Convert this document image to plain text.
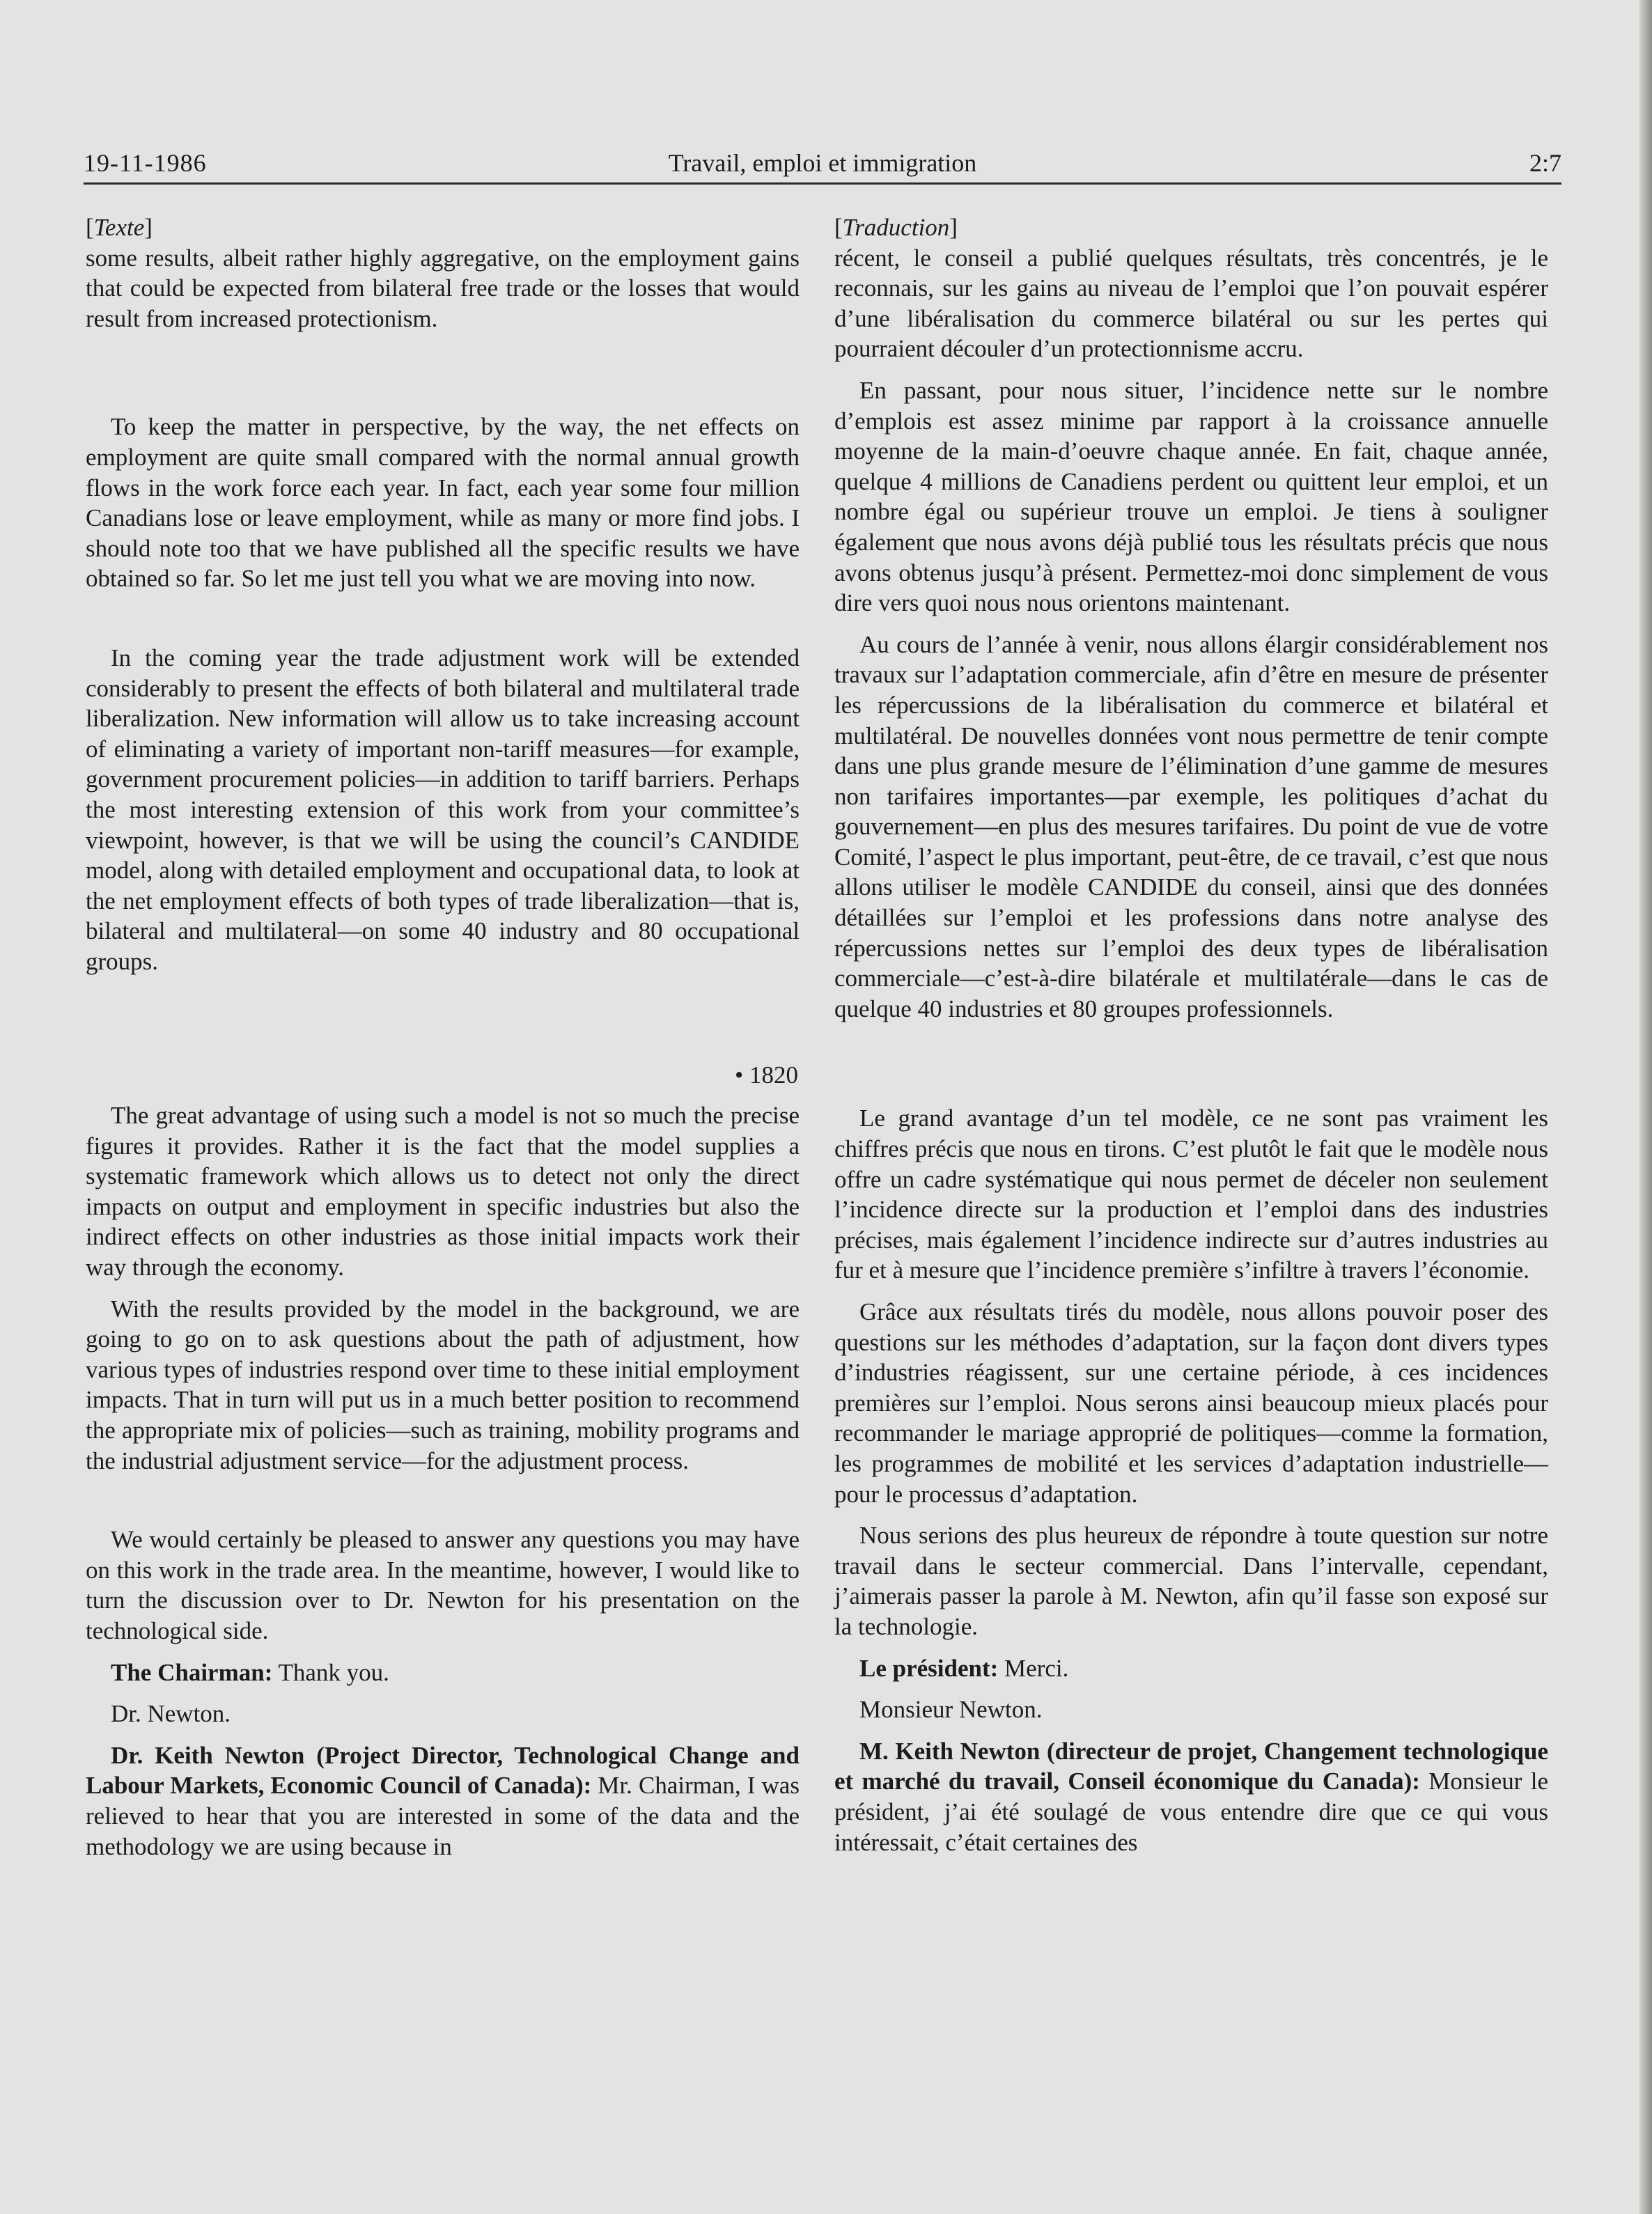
19-11-1986	Travail, emploi et immigration	2:7

[Texte]

some results, albeit rather highly aggregative, on the employment gains that could be expected from bilateral free trade or the losses that would result from increased protectionism.

To keep the matter in perspective, by the way, the net effects on employment are quite small compared with the normal annual growth flows in the work force each year. In fact, each year some four million Canadians lose or leave employment, while as many or more find jobs. I should note too that we have published all the specific results we have obtained so far. So let me just tell you what we are moving into now.

In the coming year the trade adjustment work will be extended considerably to present the effects of both bilateral and multilateral trade liberalization. New information will allow us to take increasing account of eliminating a variety of important non-tariff measures—for example, government procurement policies—in addition to tariff barriers. Perhaps the most interesting extension of this work from your committee’s viewpoint, however, is that we will be using the council’s CANDIDE model, along with detailed employment and occupational data, to look at the net employment effects of both types of trade liberalization—that is, bilateral and multilateral—on some 40 industry and 80 occupational groups.

• 1820

The great advantage of using such a model is not so much the precise figures it provides. Rather it is the fact that the model supplies a systematic framework which allows us to detect not only the direct impacts on output and employment in specific industries but also the indirect effects on other industries as those initial impacts work their way through the economy.

With the results provided by the model in the background, we are going to go on to ask questions about the path of adjustment, how various types of industries respond over time to these initial employment impacts. That in turn will put us in a much better position to recommend the appropriate mix of policies—such as training, mobility programs and the industrial adjustment service—for the adjustment process.

We would certainly be pleased to answer any questions you may have on this work in the trade area. In the meantime, however, I would like to turn the discussion over to Dr. Newton for his presentation on the technological side.

The Chairman: Thank you.

Dr. Newton.

Dr. Keith Newton (Project Director, Technological Change and Labour Markets, Economic Council of Canada): Mr. Chairman, I was relieved to hear that you are interested in some of the data and the methodology we are using because in

[Traduction]

récent, le conseil a publié quelques résultats, très concentrés, je le reconnais, sur les gains au niveau de l’emploi que l’on pouvait espérer d’une libéralisation du commerce bilatéral ou sur les pertes qui pourraient découler d’un protectionnisme accru.

En passant, pour nous situer, l’incidence nette sur le nombre d’emplois est assez minime par rapport à la croissance annuelle moyenne de la main-d’oeuvre chaque année. En fait, chaque année, quelque 4 millions de Canadiens perdent ou quittent leur emploi, et un nombre égal ou supérieur trouve un emploi. Je tiens à souligner également que nous avons déjà publié tous les résultats précis que nous avons obtenus jusqu’à présent. Permettez-moi donc simplement de vous dire vers quoi nous nous orientons maintenant.

Au cours de l’année à venir, nous allons élargir considérablement nos travaux sur l’adaptation commerciale, afin d’être en mesure de présenter les répercussions de la libéralisation du commerce et bilatéral et multilatéral. De nouvelles données vont nous permettre de tenir compte dans une plus grande mesure de l’élimination d’une gamme de mesures non tarifaires importantes—par exemple, les politiques d’achat du gouvernement—en plus des mesures tarifaires. Du point de vue de votre Comité, l’aspect le plus important, peut-être, de ce travail, c’est que nous allons utiliser le modèle CANDIDE du conseil, ainsi que des données détaillées sur l’emploi et les professions dans notre analyse des répercussions nettes sur l’emploi des deux types de libéralisation commerciale—c’est-à-dire bilatérale et multilatérale—dans le cas de quelque 40 industries et 80 groupes professionnels.

Le grand avantage d’un tel modèle, ce ne sont pas vraiment les chiffres précis que nous en tirons. C’est plutôt le fait que le modèle nous offre un cadre systématique qui nous permet de déceler non seulement l’incidence directe sur la production et l’emploi dans des industries précises, mais également l’incidence indirecte sur d’autres industries au fur et à mesure que l’incidence première s’infiltre à travers l’économie.

Grâce aux résultats tirés du modèle, nous allons pouvoir poser des questions sur les méthodes d’adaptation, sur la façon dont divers types d’industries réagissent, sur une certaine période, à ces incidences premières sur l’emploi. Nous serons ainsi beaucoup mieux placés pour recommander le mariage approprié de politiques—comme la formation, les programmes de mobilité et les services d’adaptation industrielle—pour le processus d’adaptation.

Nous serions des plus heureux de répondre à toute question sur notre travail dans le secteur commercial. Dans l’intervalle, cependant, j’aimerais passer la parole à M. Newton, afin qu’il fasse son exposé sur la technologie.

Le président: Merci.

Monsieur Newton.

M. Keith Newton (directeur de projet, Changement technologique et marché du travail, Conseil économique du Canada): Monsieur le président, j’ai été soulagé de vous entendre dire que ce qui vous intéressait, c’était certaines des
